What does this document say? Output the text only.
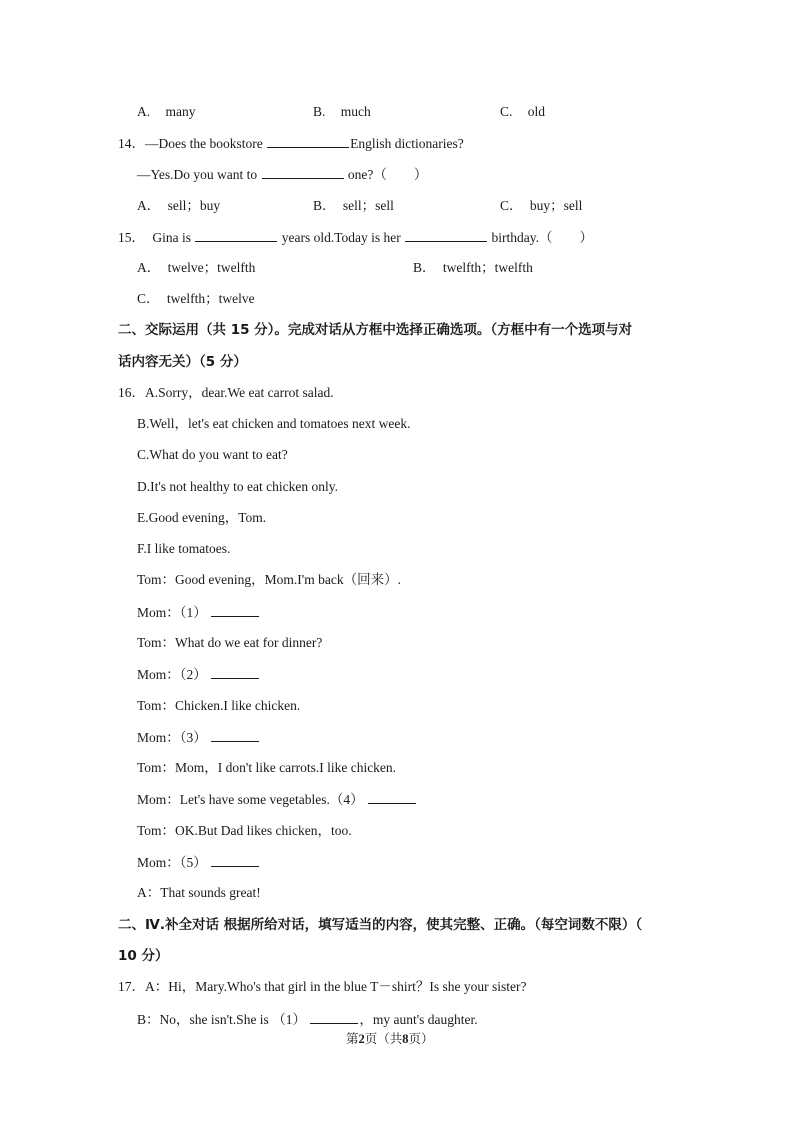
A. many	B. much	C. old
14．—Does the bookstore	English dictionaries?
—Yes.Do you want to	one?（　　）
A． sell；buy	B． sell；sell	C． buy；sell
15． Gina is	years old.Today is her	birthday.（　　）
A． twelve；twelfth	B． twelfth；twelfth
C． twelfth；twelve
二、交际运用（共 15 分）。完成对话从方框中选择正确选项。（方框中有一个选项与对
话内容无关）（5 分）
16．A.Sorry，dear.We eat carrot salad.
B.Well，let's eat chicken and tomatoes next week.
C.What do you want to eat?
D.It's not healthy to eat chicken only.
E.Good evening，Tom.
F.I like tomatoes.
Tom：Good evening，Mom.I'm back（回来）.
Mom：（1）
Tom：What do we eat for dinner?
Mom：（2）
Tom：Chicken.I like chicken.
Mom：（3）
Tom：Mom，I don't like carrots.I like chicken.
Mom：Let's have some vegetables.（4）
Tom：OK.But Dad likes chicken，too.
Mom：（5）
A：That sounds great!
二、Ⅳ.补全对话 根据所给对话，填写适当的内容，使其完整、正确。（每空词数不限）（
10 分）
17．A：Hi，Mary.Who's that girl in the blue T－shirt？Is she your sister?
B：No，she isn't.She is （1）	，my aunt's daughter.
第2页（共8页）
